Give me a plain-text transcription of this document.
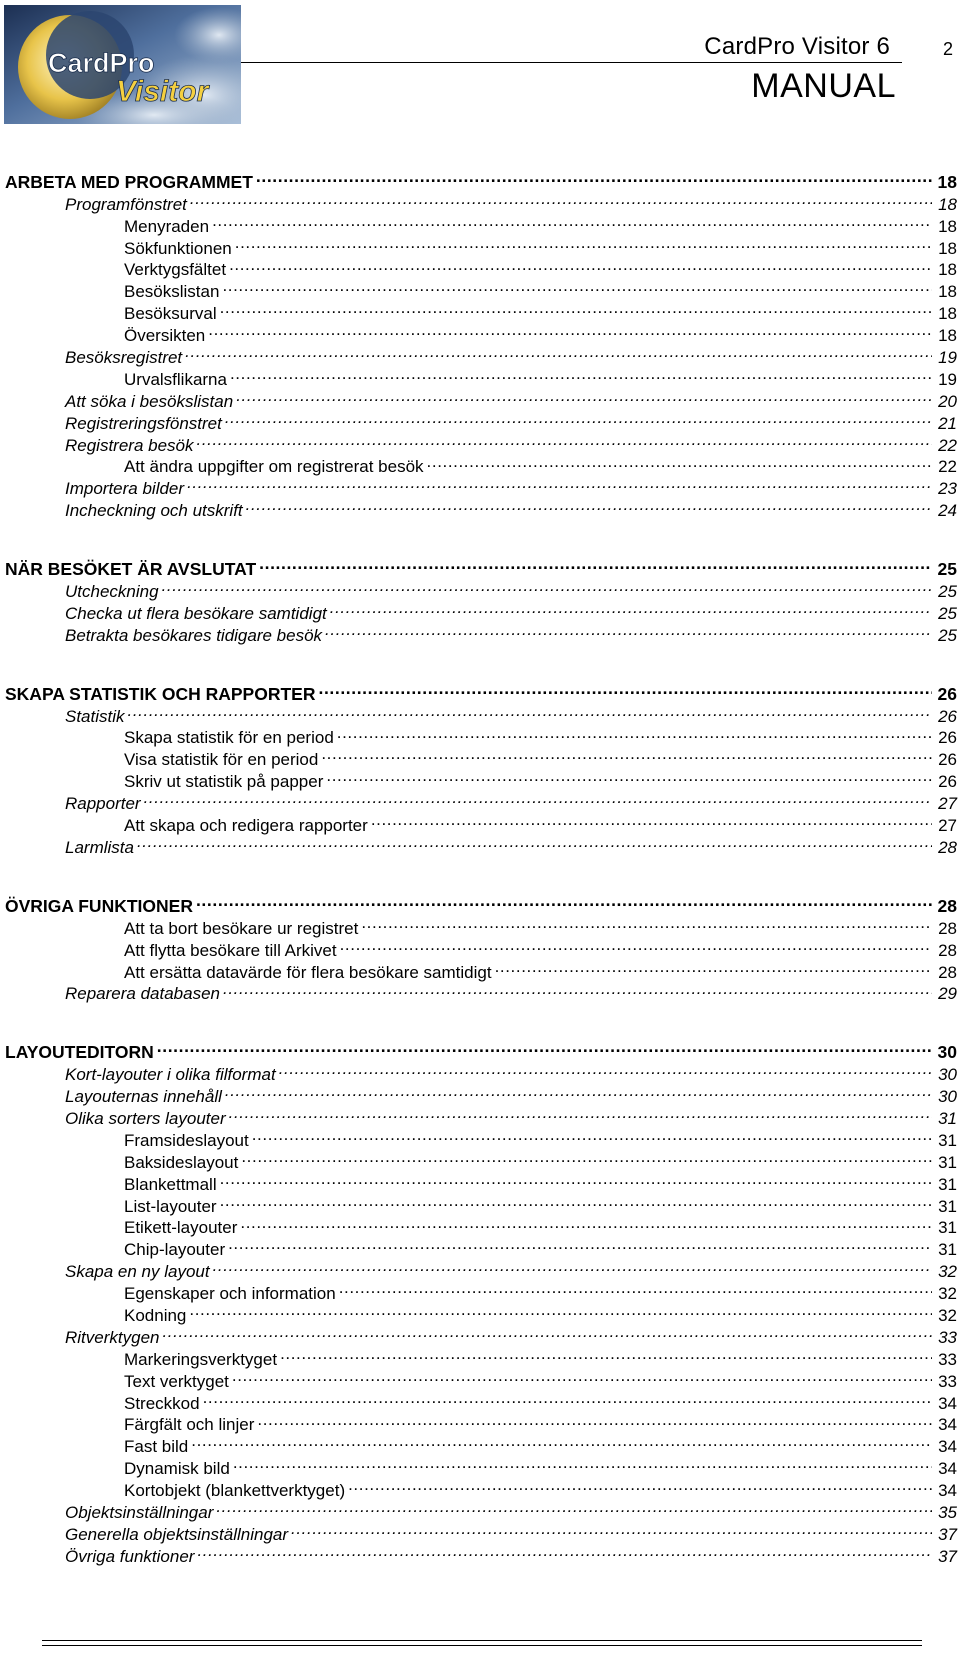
CardPro
Visitor
CardPro Visitor 6	2
MANUAL
ARBETA MED PROGRAMMET .....	18
Programfönstret .....	18
Menyraden .....	18
Sökfunktionen .....	18
Verktygsfältet .....	18
Besökslistan .....	18
Besöksurval .....	18
Översikten .....	18
Besöksregistret .....	19
Urvalsflikarna .....	19
Att söka i besökslistan .....	20
Registreringsfönstret .....	21
Registrera besök .....	22
Att ändra uppgifter om registrerat besök .....	22
Importera bilder .....	23
Incheckning och utskrift .....	24
NÄR BESÖKET ÄR AVSLUTAT .....	25
Utcheckning .....	25
Checka ut flera besökare samtidigt .....	25
Betrakta besökares tidigare besök .....	25
SKAPA STATISTIK OCH RAPPORTER .....	26
Statistik .....	26
Skapa statistik för en period .....	26
Visa statistik för en period .....	26
Skriv ut statistik på papper .....	26
Rapporter .....	27
Att skapa och redigera rapporter .....	27
Larmlista .....	28
ÖVRIGA FUNKTIONER .....	28
Att ta bort besökare ur registret .....	28
Att flytta besökare till Arkivet .....	28
Att ersätta datavärde för flera besökare samtidigt .....	28
Reparera databasen .....	29
LAYOUTEDITORN .....	30
Kort-layouter i olika filformat .....	30
Layouternas innehåll .....	30
Olika sorters layouter .....	31
Framsideslayout .....	31
Baksideslayout .....	31
Blankettmall .....	31
List-layouter .....	31
Etikett-layouter .....	31
Chip-layouter .....	31
Skapa en ny layout .....	32
Egenskaper och information .....	32
Kodning .....	32
Ritverktygen .....	33
Markeringsverktyget .....	33
Text verktyget .....	33
Streckkod .....	34
Färgfält och linjer .....	34
Fast bild .....	34
Dynamisk bild .....	34
Kortobjekt (blankettverktyget) .....	34
Objektsinställningar .....	35
Generella objektsinställningar .....	37
Övriga funktioner .....	37
